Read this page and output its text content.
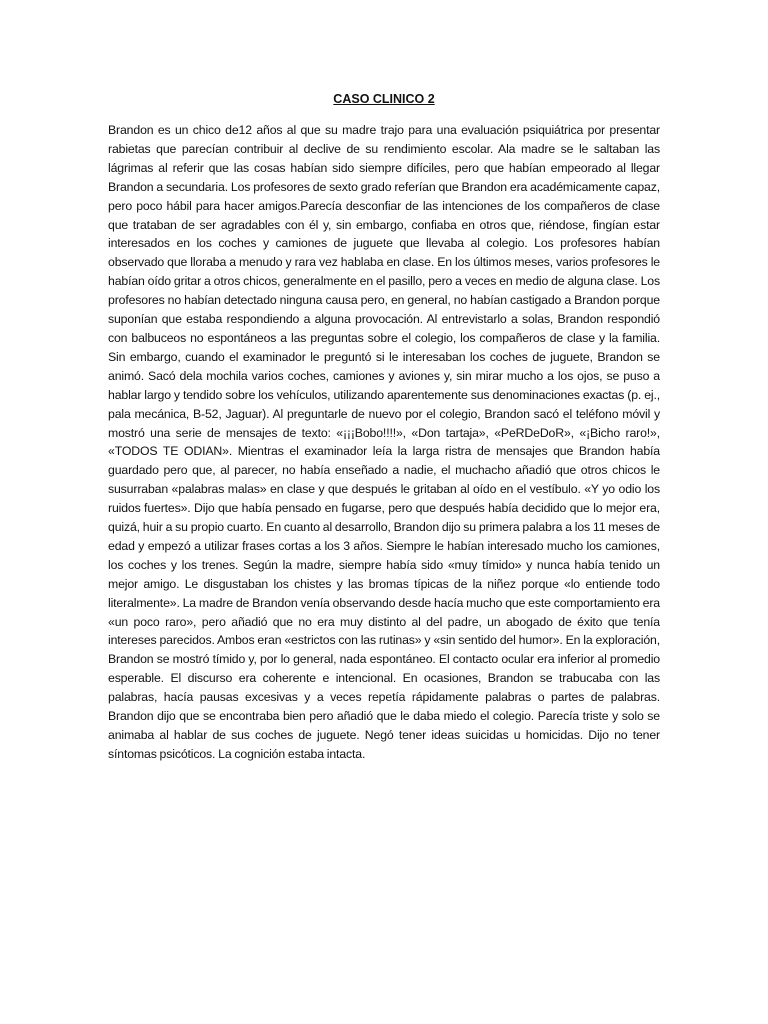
CASO CLINICO 2

Brandon es un chico de12 años al que su madre trajo para una evaluación psiquiátrica por presentar rabietas que parecían contribuir al declive de su rendimiento escolar. Ala madre se le saltaban las lágrimas al referir que las cosas habían sido siempre difíciles, pero que habían empeorado al llegar Brandon a secundaria. Los profesores de sexto grado referían que Brandon era académicamente capaz, pero poco hábil para hacer amigos.Parecía desconfiar de las intenciones de los compañeros de clase que trataban de ser agradables con él y, sin embargo, confiaba en otros que, riéndose, fingían estar interesados en los coches y camiones de juguete que llevaba al colegio. Los profesores habían observado que lloraba a menudo y rara vez hablaba en clase. En los últimos meses, varios profesores le habían oído gritar a otros chicos, generalmente en el pasillo, pero a veces en medio de alguna clase. Los profesores no habían detectado ninguna causa pero, en general, no habían castigado a Brandon porque suponían que estaba respondiendo a alguna provocación. Al entrevistarlo a solas, Brandon respondió con balbuceos no espontáneos a las preguntas sobre el colegio, los compañeros de clase y la familia. Sin embargo, cuando el examinador le preguntó si le interesaban los coches de juguete, Brandon se animó. Sacó dela mochila varios coches, camiones y aviones y, sin mirar mucho a los ojos, se puso a hablar largo y tendido sobre los vehículos, utilizando aparentemente sus denominaciones exactas (p. ej., pala mecánica, B-52, Jaguar). Al preguntarle de nuevo por el colegio, Brandon sacó el teléfono móvil y mostró una serie de mensajes de texto: «¡¡¡Bobo!!!!», «Don tartaja», «PeRDeDoR», «¡Bicho raro!», «TODOS TE ODIAN». Mientras el examinador leía la larga ristra de mensajes que Brandon había guardado pero que, al parecer, no había enseñado a nadie, el muchacho añadió que otros chicos le susurraban «palabras malas» en clase y que después le gritaban al oído en el vestíbulo. «Y yo odio los ruidos fuertes». Dijo que había pensado en fugarse, pero que después había decidido que lo mejor era, quizá, huir a su propio cuarto. En cuanto al desarrollo, Brandon dijo su primera palabra a los 11 meses de edad y empezó a utilizar frases cortas a los 3 años. Siempre le habían interesado mucho los camiones, los coches y los trenes. Según la madre, siempre había sido «muy tímido» y nunca había tenido un mejor amigo. Le disgustaban los chistes y las bromas típicas de la niñez porque «lo entiende todo literalmente». La madre de Brandon venía observando desde hacía mucho que este comportamiento era «un poco raro», pero añadió que no era muy distinto al del padre, un abogado de éxito que tenía intereses parecidos. Ambos eran «estrictos con las rutinas» y «sin sentido del humor». En la exploración, Brandon se mostró tímido y, por lo general, nada espontáneo. El contacto ocular era inferior al promedio esperable. El discurso era coherente e intencional. En ocasiones, Brandon se trabucaba con las palabras, hacía pausas excesivas y a veces repetía rápidamente palabras o partes de palabras. Brandon dijo que se encontraba bien pero añadió que le daba miedo el colegio. Parecía triste y solo se animaba al hablar de sus coches de juguete. Negó tener ideas suicidas u homicidas. Dijo no tener síntomas psicóticos. La cognición estaba intacta.
